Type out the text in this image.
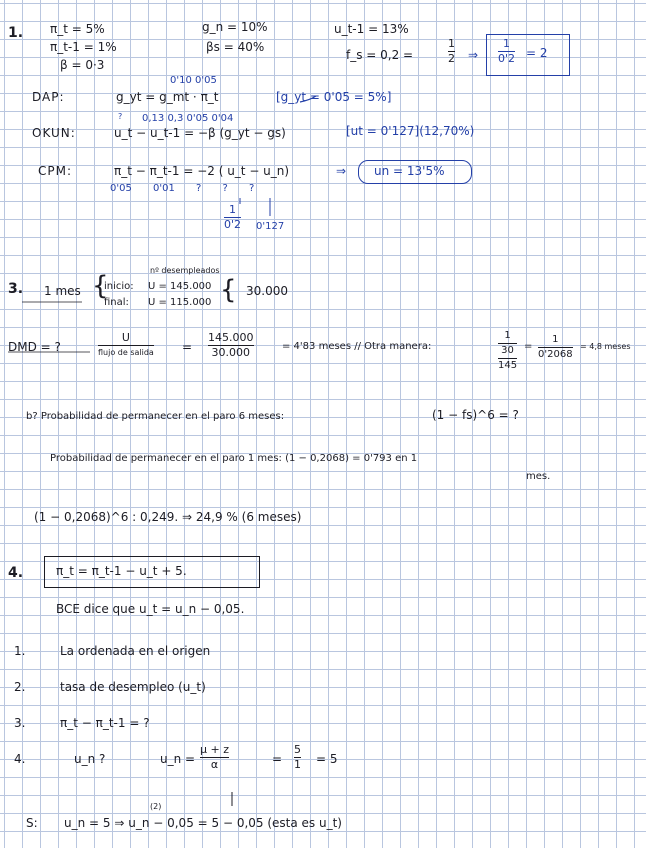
1. π_t = 5%
π_t-1 = 1%
β = 0·3
g_n = 10%
βs = 40%
u_t-1 = 13%
f_s = 0,2 =
1
2 ⇒
1
0'2 = 2
0'10 0'05
DAP:	g_yt = g_mt · π_t	[g_yt = 0'05 = 5%]
? 0,13 0,3 0'05 0'04
OKUN:	u_t − u_t-1 = −β (g_yt − gs)	[ut = 0'127](12,70%)
CPM:	π_t − π_t-1 = −2 ( u_t − u_n)	⇒ un = 13'5%
0'05 0'01 ? ? ?
1
0'2 0'127
3. 1 mes
nº desempleados
{
inicio: U = 145.000
final: U = 115.000 { 30.000
DMD = ?
U
flujo de salida =
145.000
30.000	= 4'83 meses // Otra manera:
1
30
145
=
1
0'2068
= 4,8 meses
b? Probabilidad de permanecer en el paro 6 meses:	(1 − fs)^6 = ?
Probabilidad de permanecer en el paro 1 mes: (1 − 0,2068) = 0'793 en 1
mes.
(1 − 0,2068)^6 : 0,249. ⇒ 24,9 % (6 meses)
4.	π_t = π_t-1 − u_t + 5.
BCE dice que u_t = u_n − 0,05.
1.	La ordenada en el origen
2.	tasa de desempleo (u_t)
3.	π_t − π_t-1 = ?
4.	u_n ?	u_n =
μ + z
α	=
5
1 = 5
(2)
S: u_n = 5 ⇒ u_n − 0,05 = 5 − 0,05 (esta es u_t)
